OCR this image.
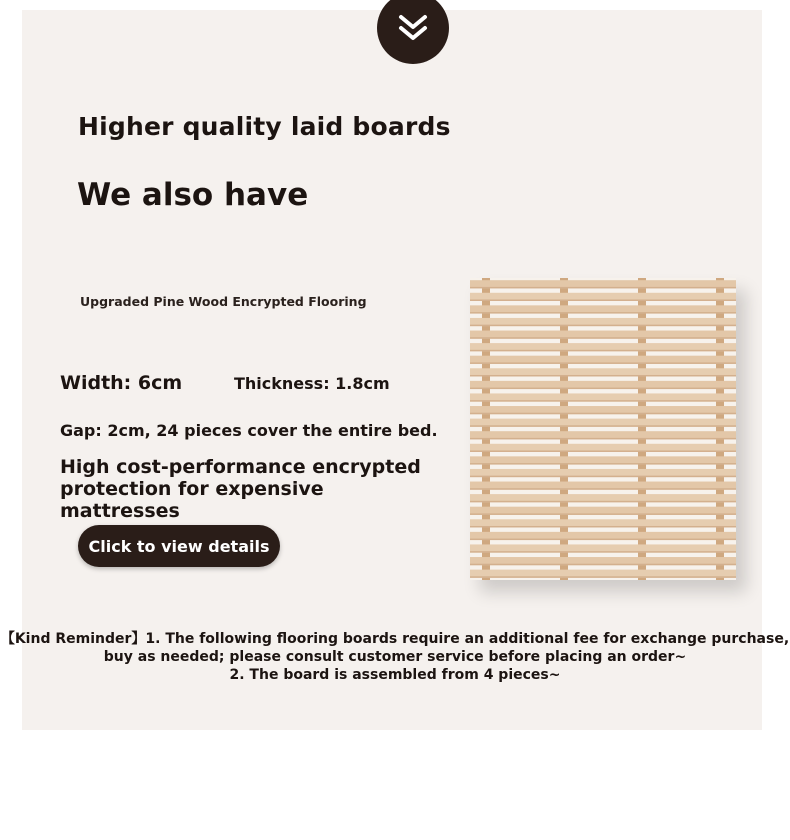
Higher quality laid boards
We also have
Upgraded Pine Wood Encrypted Flooring
Width: 6cm	Thickness: 1.8cm
Gap: 2cm, 24 pieces cover the entire bed.
High cost-performance encrypted
protection for expensive mattresses
Click to view details
【Kind Reminder】1. The following flooring boards require an additional fee for exchange purchase,
buy as needed; please consult customer service before placing an order~
2. The board is assembled from 4 pieces~
